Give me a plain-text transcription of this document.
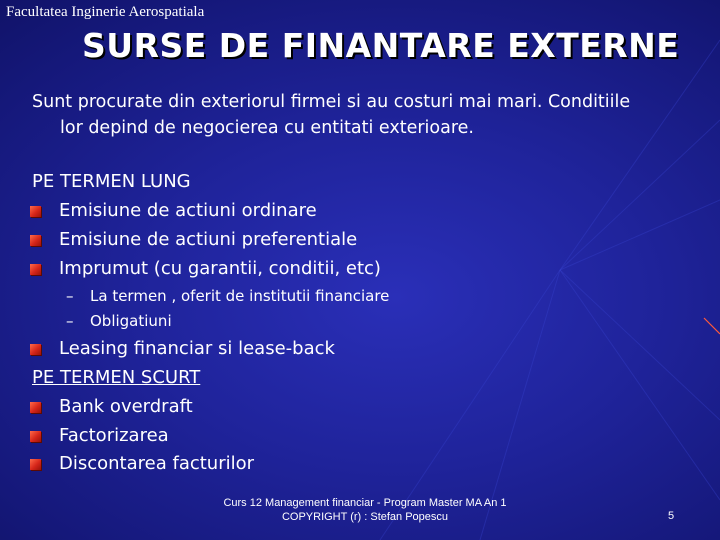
Facultatea Inginerie Aerospatiala
SURSE DE FINANTARE EXTERNE
Sunt procurate din exteriorul firmei si au costuri mai mari. Conditiile
lor depind de negocierea cu entitati exterioare.
PE TERMEN LUNG
Emisiune de actiuni ordinare
Emisiune de actiuni preferentiale
Imprumut (cu garantii, conditii, etc)
– La termen , oferit de institutii financiare
– Obligatiuni
Leasing financiar si lease-back
PE TERMEN SCURT
Bank overdraft
Factorizarea
Discontarea facturilor
Curs 12 Management financiar - Program Master MA An 1
COPYRIGHT (r) : Stefan Popescu	5
